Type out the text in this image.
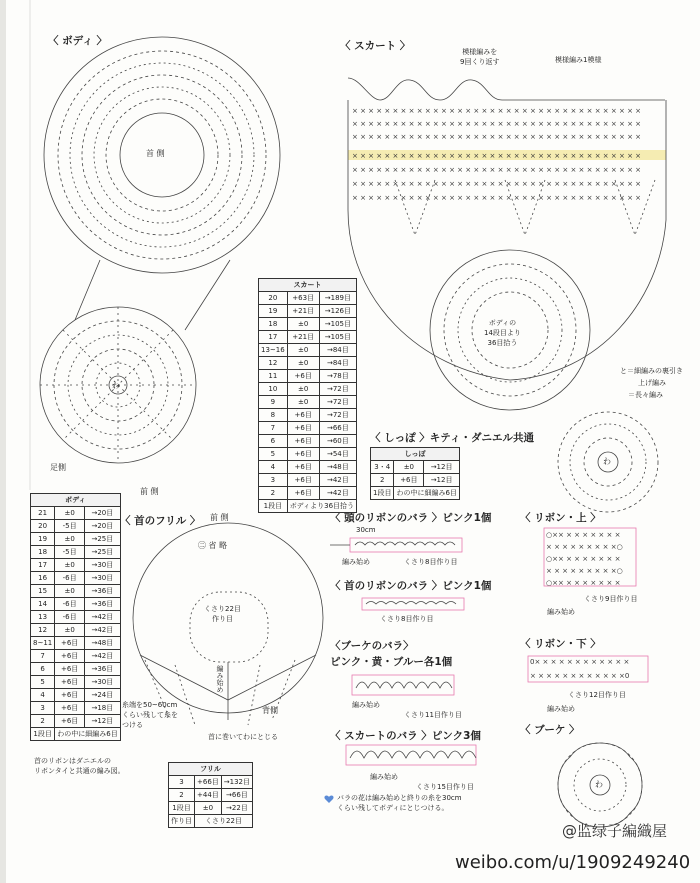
× × × × × × × × × × × × × × × × × × × × × × × × × × × × × × × × × × × ×
× × × × × × × × × × × × × × × × × × × × × × × × × × × × × × × × × × × ×
× × × × × × × × × × × × × × × × × × × × × × × × × × × × × × × × × × × ×
× × × × × × × × × × × × × × × × × × × × × × × × × × × × × × × × × × × ×
× × × × × × × × × × × × × × × × × × × × × × × × × × × × × × × × × × × ×
× × × × × × × × × × × × × × × × × × × × × × × × × × × × × × × × × × × ×
× × × × × × × × × × × × × × × × × × × × × × × × × × × × × × × × × × × ×
○×× × × × × × × ×
× × × × × × × × ×○
○×× × × × × × × ×
× × × × × × × × ×○
○×× × × × × × × ×
0× × × × × × × × × × × ×
× × × × × × × × × × × ×0
〈 ボディ 〉	〈 スカート 〉
〈 しっぽ 〉キティ・ダニエル共通
〈 首のフリル 〉	〈 頭のリボンのバラ 〉ピンク1個
〈 首のリボンのバラ 〉ピンク1個
〈ブーケのバラ〉
ピンク・黄・ブルー各1個
〈 スカートのバラ 〉ピンク3個
〈 リボン・上 〉
〈 リボン・下 〉
〈 ブーケ 〉
首 側
足側
前 側
わ
前 側
㊁ 省 略
くさり22目
作り目
編み始め
背側
糸端を50~60cm
くらい残して糸を
つける
首に巻いてわにとじる
模様編みを
9回くり返す	模様編み1模様
ボディの
14段目より
36目拾う
と＝細編みの裏引き
上げ編み
＝長々編み
わ
30cm
編み始め	くさり8目作り目
くさり8目作り目
編み始め
くさり11目作り目
編み始め
くさり15目作り目
くさり9目作り目
編み始め
くさり12目作り目
編み始め
わ
バラの花は編み始めと終りの糸を30cm
くらい残してボディにとじつける。
首のリボンはダニエルの
リボンタイと共通の編み図。
スカート		
20	+63目	→189目
19	+21目	→126目
18	±0	→105目
17	+21目	→105目
13~16	±0	→84目
12	±0	→84目
11	+6目	→78目
10	±0	→72目
9	±0	→72目
8	+6目	→72目
7	+6目	→66目
6	+6目	→60目
5	+6目	→54目
4	+6目	→48目
3	+6目	→42目
2	+6目	→42目
1段目	ボディより36目拾う	
しっぽ		
3・4	±0	→12目
2	+6目	→12目
1段目	わの中に細編み6目	
ボディ		
21	±0	→20目
20	-5目	→20目
19	±0	→25目
18	-5目	→25目
17	±0	→30目
16	-6目	→30目
15	±0	→36目
14	-6目	→36目
13	-6目	→42目
12	±0	→42目
8~11	+6目	→48目
7	+6目	→42目
6	+6目	→36目
5	+6目	→30目
4	+6目	→24目
3	+6目	→18目
2	+6目	→12目
1段目	わの中に細編み6目	
フリル		
3	+66目	→132目
2	+44目	→66目
1段目	±0	→22目
作り目	くさり22目	
@监绿子編織屋
weibo.com/u/1909249240
